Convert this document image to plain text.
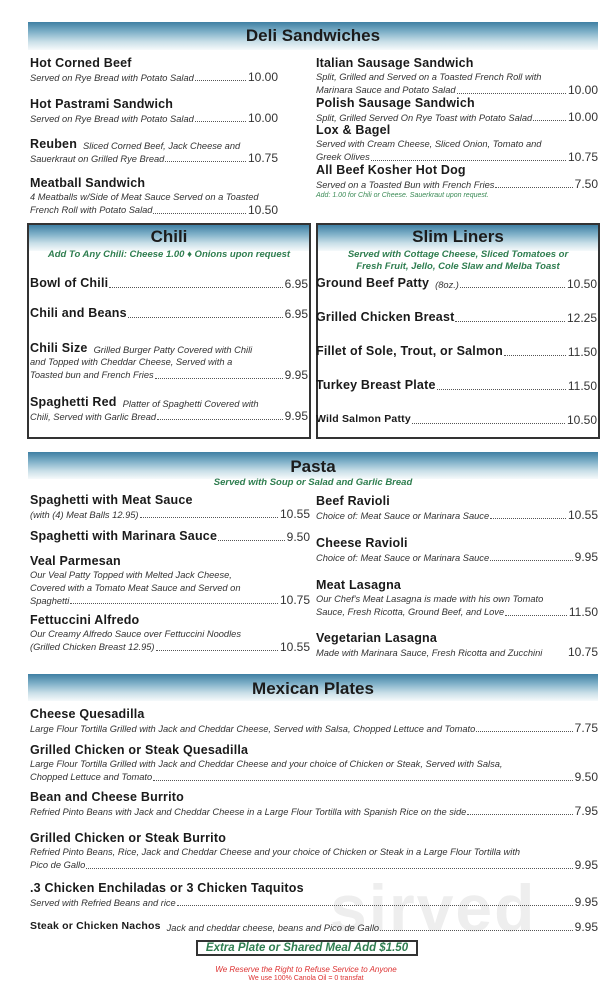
sirved
Deli Sandwiches
Chili
Add To Any Chili: Cheese 1.00 ♦ Onions upon request
Slim Liners
Served with Cottage Cheese, Sliced Tomatoes or
Fresh Fruit, Jello, Cole Slaw and Melba Toast
Pasta
Served with Soup or Salad and Garlic Bread
Mexican Plates
Extra Plate or Shared Meal Add $1.50
We Reserve the Right to Refuse Service to Anyone
We use 100% Canola Oil = 0 transfat
Hot Corned Beef
Served on Rye Bread with Potato Salad	10.00
Hot Pastrami Sandwich
Served on Rye Bread with Potato Salad	10.00
Reuben Sliced Corned Beef, Jack Cheese and
Sauerkraut on Grilled Rye Bread	10.75
Meatball Sandwich
4 Meatballs w/Side of Meat Sauce Served on a Toasted
French Roll with Potato Salad	10.50
Italian Sausage Sandwich
Split, Grilled and Served on a Toasted French Roll with
Marinara Sauce and Potato Salad	10.00
Polish Sausage Sandwich
Split, Grilled Served On Rye Toast with Potato Salad	10.00
Lox & Bagel
Served with Cream Cheese, Sliced Onion, Tomato and
Greek Olives	10.75
All Beef Kosher Hot Dog
Served on a Toasted Bun with French Fries	7.50
Add: 1.00 for Chili or Cheese. Sauerkraut upon request.
Bowl of Chili	6.95
Chili and Beans	6.95
Chili Size Grilled Burger Patty Covered with Chili
and Topped with Cheddar Cheese, Served with a
Toasted bun and French Fries	9.95
Spaghetti Red Platter of Spaghetti Covered with
Chili, Served with Garlic Bread	9.95
Ground Beef Patty (8oz.)	10.50
Grilled Chicken Breast	12.25
Fillet of Sole, Trout, or Salmon	11.50
Turkey Breast Plate	11.50
Wild Salmon Patty	10.50
Spaghetti with Meat Sauce
(with (4) Meat Balls 12.95)	10.55
Spaghetti with Marinara Sauce	9.50
Veal Parmesan
Our Veal Patty Topped with Melted Jack Cheese,
Covered with a Tomato Meat Sauce and Served on
Spaghetti	10.75
Fettuccini Alfredo
Our Creamy Alfredo Sauce over Fettuccini Noodles
(Grilled Chicken Breast 12.95)	10.55
Beef Ravioli
Choice of: Meat Sauce or Marinara Sauce	10.55
Cheese Ravioli
Choice of: Meat Sauce or Marinara Sauce	9.95
Meat Lasagna
Our Chef's Meat Lasagna is made with his own Tomato
Sauce, Fresh Ricotta, Ground Beef, and Love	11.50
Vegetarian Lasagna
Made with Marinara Sauce, Fresh Ricotta and Zucchini 10.75
Cheese Quesadilla
Large Flour Tortilla Grilled with Jack and Cheddar Cheese, Served with Salsa, Chopped Lettuce and Tomato	7.75
Grilled Chicken or Steak Quesadilla
Large Flour Tortilla Grilled with Jack and Cheddar Cheese and your choice of Chicken or Steak, Served with Salsa,
Chopped Lettuce and Tomato	9.50
Bean and Cheese Burrito
Refried Pinto Beans with Jack and Cheddar Cheese in a Large Flour Tortilla with Spanish Rice on the side	7.95
Grilled Chicken or Steak Burrito
Refried Pinto Beans, Rice, Jack and Cheddar Cheese and your choice of Chicken or Steak in a Large Flour Tortilla with
Pico de Gallo	9.95
.3 Chicken Enchiladas or 3 Chicken Taquitos
Served with Refried Beans and rice	9.95
Steak or Chicken Nachos Jack and cheddar cheese, beans and Pico de Gallo	9.95
